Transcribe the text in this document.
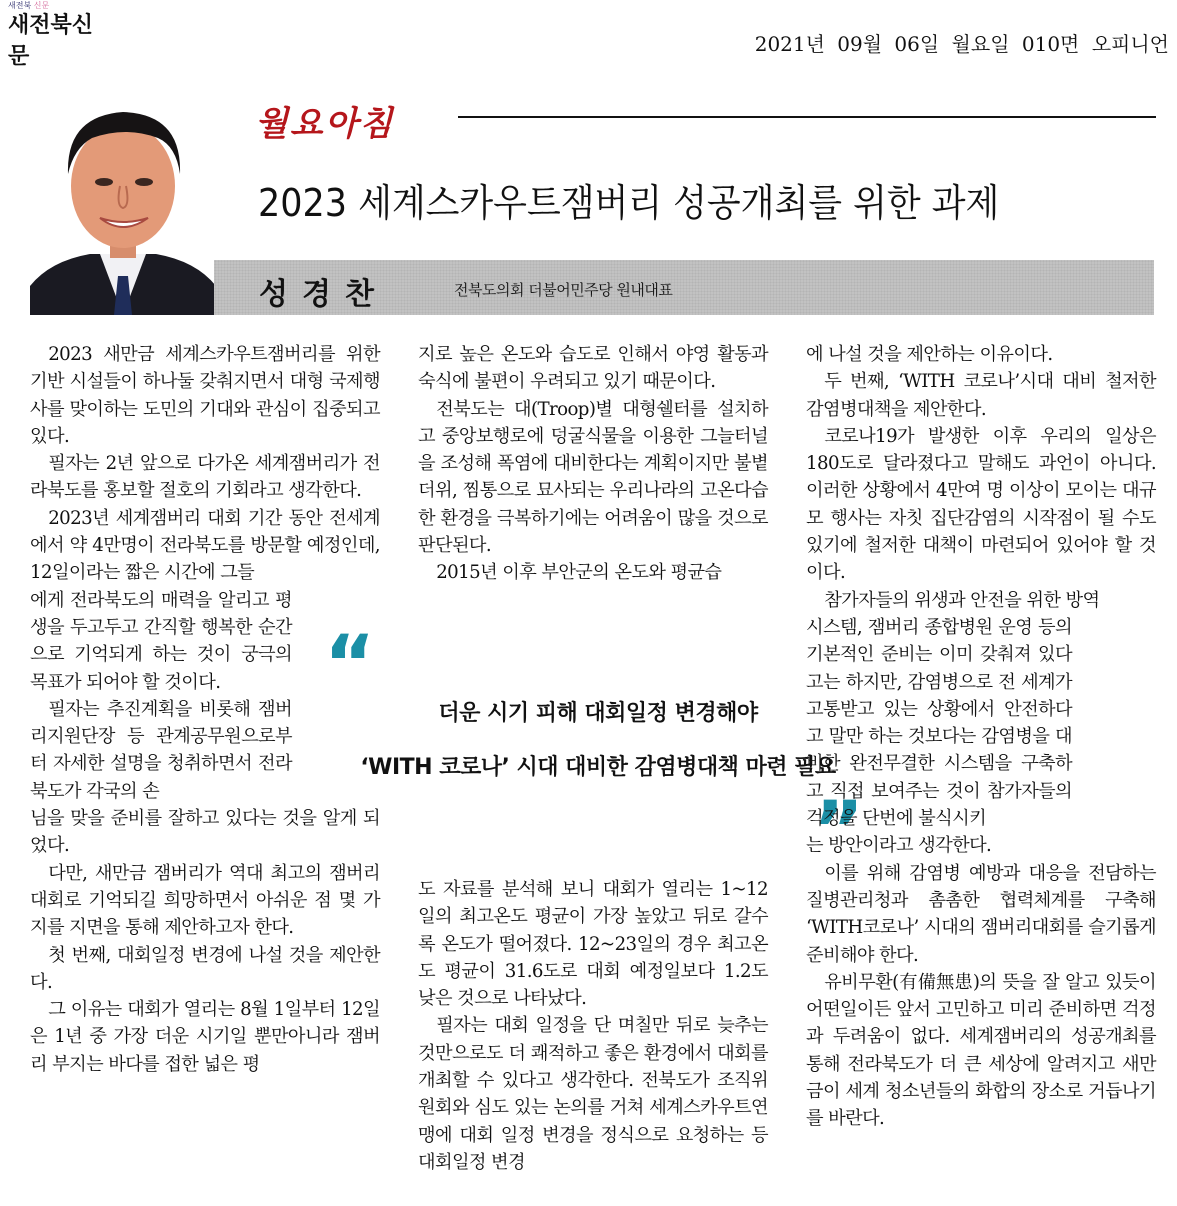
새전북 신문
새전북신문	2021년 09월 06일 월요일 010면 오피니언
월요아침
2023 세계스카우트잼버리 성공개최를 위한 과제
성경찬	전북도의회 더불어민주당 원내대표

2023 새만금 세계스카우트잼버리를 위한 기반 시설들이 하나둘 갖춰지면서 대형 국제행사를 맞이하는 도민의 기대와 관심이 집중되고 있다.

필자는 2년 앞으로 다가온 세계잼버리가 전라북도를 홍보할 절호의 기회라고 생각한다.

2023년 세계잼버리 대회 기간 동안 전세계에서 약 4만명이 전라북도를 방문할 예정인데, 12일이라는 짧은 시간에 그들

에게 전라북도의 매력을 알리고 평생을 두고두고 간직할 행복한 순간으로 기억되게 하는 것이 궁극의 목표가 되어야 할 것이다.

필자는 추진계획을 비롯해 잼버리지원단장 등 관계공무원으로부터 자세한 설명을 청취하면서 전라북도가 각국의 손

님을 맞을 준비를 잘하고 있다는 것을 알게 되었다.

다만, 새만금 잼버리가 역대 최고의 잼버리대회로 기억되길 희망하면서 아쉬운 점 몇 가지를 지면을 통해 제안하고자 한다.

첫 번째, 대회일정 변경에 나설 것을 제안한다.

그 이유는 대회가 열리는 8월 1일부터 12일은 1년 중 가장 더운 시기일 뿐만아니라 잼버리 부지는 바다를 접한 넓은 평

지로 높은 온도와 습도로 인해서 야영 활동과 숙식에 불편이 우려되고 있기 때문이다.

전북도는 대(Troop)별 대형쉘터를 설치하고 중앙보행로에 덩굴식물을 이용한 그늘터널을 조성해 폭염에 대비한다는 계획이지만 불볕더위, 찜통으로 묘사되는 우리나라의 고온다습한 환경을 극복하기에는 어려움이 많을 것으로 판단된다.

2015년 이후 부안군의 온도와 평균습

“
더운 시기 피해 대회일정 변경해야
‘WITH 코로나’ 시대 대비한 감염병대책 마련 필요
”

도 자료를 분석해 보니 대회가 열리는 1~12일의 최고온도 평균이 가장 높았고 뒤로 갈수록 온도가 떨어졌다. 12~23일의 경우 최고온도 평균이 31.6도로 대회 예정일보다 1.2도 낮은 것으로 나타났다.

필자는 대회 일정을 단 며칠만 뒤로 늦추는 것만으로도 더 쾌적하고 좋은 환경에서 대회를 개최할 수 있다고 생각한다. 전북도가 조직위원회와 심도 있는 논의를 거쳐 세계스카우트연맹에 대회 일정 변경을 정식으로 요청하는 등 대회일정 변경

에 나설 것을 제안하는 이유이다.

두 번째, ‘WITH 코로나’시대 대비 철저한 감염병대책을 제안한다.

코로나19가 발생한 이후 우리의 일상은 180도로 달라졌다고 말해도 과언이 아니다. 이러한 상황에서 4만여 명 이상이 모이는 대규모 행사는 자칫 집단감염의 시작점이 될 수도 있기에 철저한 대책이 마련되어 있어야 할 것이다.

참가자들의 위생과 안전을 위한 방역

시스템, 잼버리 종합병원 운영 등의 기본적인 준비는 이미 갖춰져 있다고는 하지만, 감염병으로 전 세계가 고통받고 있는 상황에서 안전하다고 말만 하는 것보다는 감염병을 대비한 완전무결한 시스템을 구축하고 직접 보여주는 것이 참가자들의 걱정을 단번에 불식시키

는 방안이라고 생각한다.

이를 위해 감염병 예방과 대응을 전담하는 질병관리청과 촘촘한 협력체계를 구축해 ‘WITH코로나’ 시대의 잼버리대회를 슬기롭게 준비해야 한다.

유비무환(有備無患)의 뜻을 잘 알고 있듯이 어떤일이든 앞서 고민하고 미리 준비하면 걱정과 두려움이 없다. 세계잼버리의 성공개최를 통해 전라북도가 더 큰 세상에 알려지고 새만금이 세계 청소년들의 화합의 장소로 거듭나기를 바란다.
